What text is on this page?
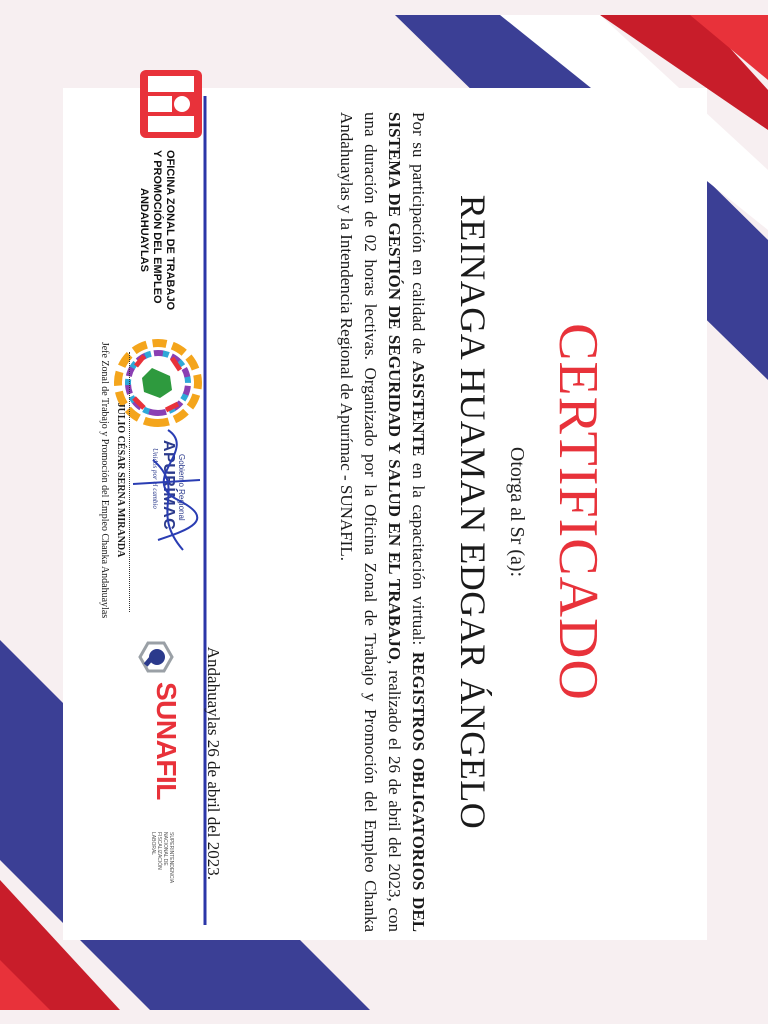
OFICINA ZONAL DE TRABAJO
Y PROMOCIÓN DEL EMPLEO
ANDAHUAYLAS
Gobierno Regional
APURÍMAC
Unidos por el cambio
SUNAFIL
SUPERINTENDENCIA
NACIONAL DE
FISCALIZACIÓN
LABORAL
CERTIFICADO
Otorga al Sr (a):
REINAGA HUAMAN EDGAR ÁNGELO
Por su participación en calidad de ASISTENTE en la capacitación virtual: REGISTROS OBLIGATORIOS DEL SISTEMA DE GESTIÓN DE SEGURIDAD Y SALUD EN EL TRABAJO, realizado el 26 de abril del 2023, con una duración de 02 horas lectivas. Organizado por la Oficina Zonal de Trabajo y Promoción del Empleo Chanka Andahuaylas y la Intendencia Regional de Apurímac - SUNAFIL.
Andahuaylas 26 de abril del 2023.
JULIO CÉSAR SERNA MIRANDA
Jefe Zonal de Trabajo y Promoción del Empleo Chanka Andahuaylas
